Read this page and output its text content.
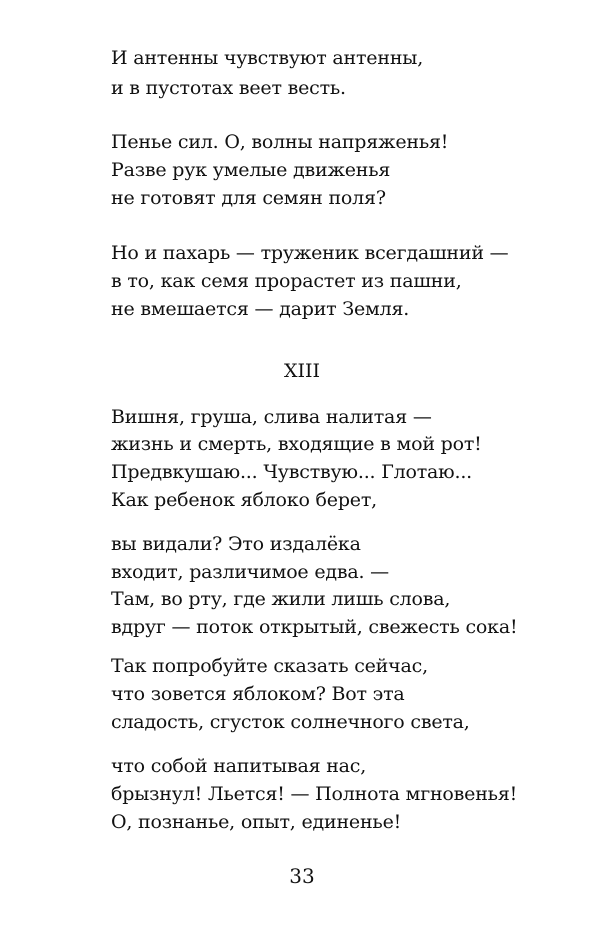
И антенны чувствуют антенны,
и в пустотах веет весть.
Пенье сил. О, волны напряженья!
Разве рук умелые движенья
не готовят для семян поля?
Но и пахарь — труженик всегдашний —
в то, как семя прорастет из пашни,
не вмешается — дарит Земля.
XIII
Вишня, груша, слива налитая —
жизнь и смерть, входящие в мой рот!
Предвкушаю... Чувствую... Глотаю...
Как ребенок яблоко берет,
вы видали? Это издалёка
входит, различимое едва. —
Там, во рту, где жили лишь слова,
вдруг — поток открытый, свежесть сока!
Так попробуйте сказать сейчас,
что зовется яблоком? Вот эта
сладость, сгусток солнечного света,
что собой напитывая нас,
брызнул! Льется! — Полнота мгновенья!
О, познанье, опыт, единенье!
33
